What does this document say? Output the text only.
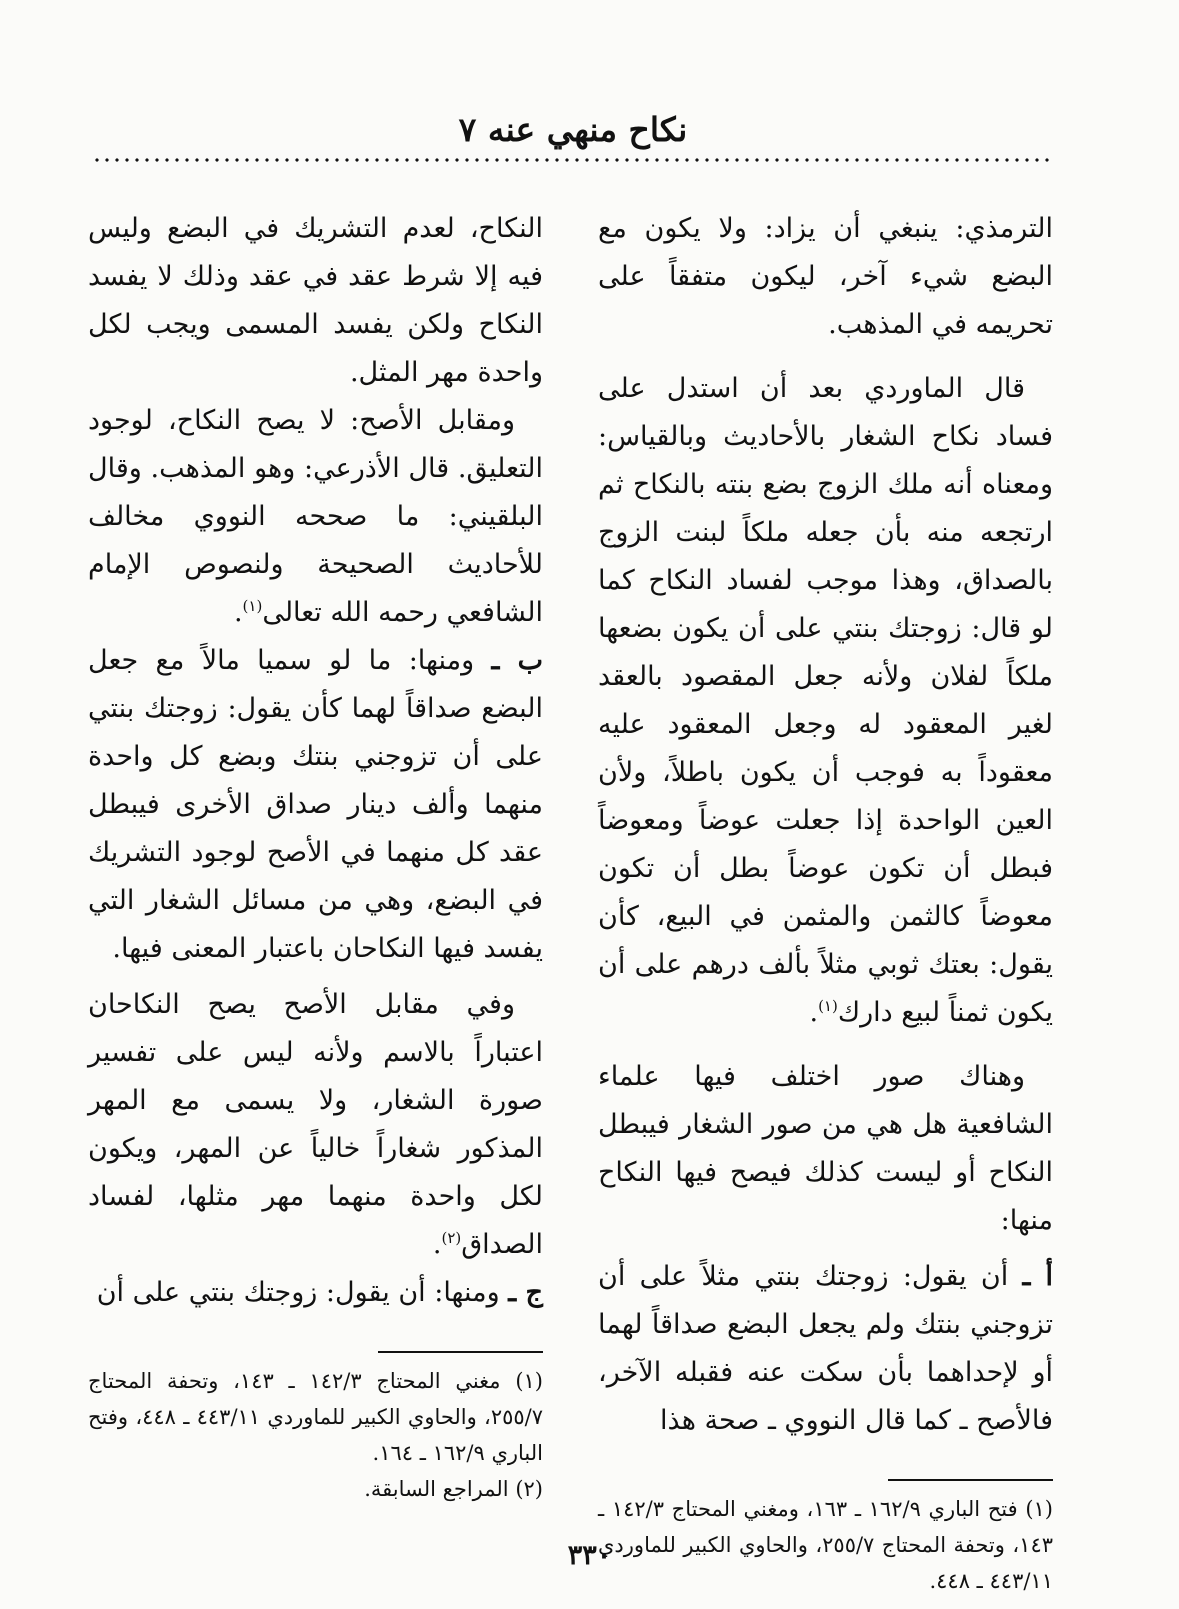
نكاح منهي عنه ٧

الترمذي: ينبغي أن يزاد: ولا يكون مع البضع شيء آخر، ليكون متفقاً على تحريمه في المذهب.

قال الماوردي بعد أن استدل على فساد نكاح الشغار بالأحاديث وبالقياس: ومعناه أنه ملك الزوج بضع بنته بالنكاح ثم ارتجعه منه بأن جعله ملكاً لبنت الزوج بالصداق، وهذا موجب لفساد النكاح كما لو قال: زوجتك بنتي على أن يكون بضعها ملكاً لفلان ولأنه جعل المقصود بالعقد لغير المعقود له وجعل المعقود عليه معقوداً به فوجب أن يكون باطلاً، ولأن العين الواحدة إذا جعلت عوضاً ومعوضاً فبطل أن تكون عوضاً بطل أن تكون معوضاً كالثمن والمثمن في البيع، كأن يقول: بعتك ثوبي مثلاً بألف درهم على أن يكون ثمناً لبيع دارك$^{(١)}$.

وهناك صور اختلف فيها علماء الشافعية هل هي من صور الشغار فيبطل النكاح أو ليست كذلك فيصح فيها النكاح منها:

أ ـ أن يقول: زوجتك بنتي مثلاً على أن تزوجني بنتك ولم يجعل البضع صداقاً لهما أو لإحداهما بأن سكت عنه فقبله الآخر، فالأصح ـ كما قال النووي ـ صحة هذا

(١) فتح الباري ١٦٢/٩ ـ ١٦٣، ومغني المحتاج ١٤٢/٣ ـ ١٤٣، وتحفة المحتاج ٢٥٥/٧، والحاوي الكبير للماوردي ٤٤٣/١١ ـ ٤٤٨.

النكاح، لعدم التشريك في البضع وليس فيه إلا شرط عقد في عقد وذلك لا يفسد النكاح ولكن يفسد المسمى ويجب لكل واحدة مهر المثل.

ومقابل الأصح: لا يصح النكاح، لوجود التعليق. قال الأذرعي: وهو المذهب. وقال البلقيني: ما صححه النووي مخالف للأحاديث الصحيحة ولنصوص الإمام الشافعي رحمه الله تعالى$^{(١)}$.

ب ـ ومنها: ما لو سميا مالاً مع جعل البضع صداقاً لهما كأن يقول: زوجتك بنتي على أن تزوجني بنتك وبضع كل واحدة منهما وألف دينار صداق الأخرى فيبطل عقد كل منهما في الأصح لوجود التشريك في البضع، وهي من مسائل الشغار التي يفسد فيها النكاحان باعتبار المعنى فيها.

وفي مقابل الأصح يصح النكاحان اعتباراً بالاسم ولأنه ليس على تفسير صورة الشغار، ولا يسمى مع المهر المذكور شغاراً خالياً عن المهر، ويكون لكل واحدة منهما مهر مثلها، لفساد الصداق$^{(٢)}$.

ج ـ ومنها: أن يقول: زوجتك بنتي على أن

(١) مغني المحتاج ١٤٢/٣ ـ ١٤٣، وتحفة المحتاج ٢٥٥/٧، والحاوي الكبير للماوردي ٤٤٣/١١ ـ ٤٤٨، وفتح الباري ١٦٢/٩ ـ ١٦٤.

(٢) المراجع السابقة.

٣٣٠
